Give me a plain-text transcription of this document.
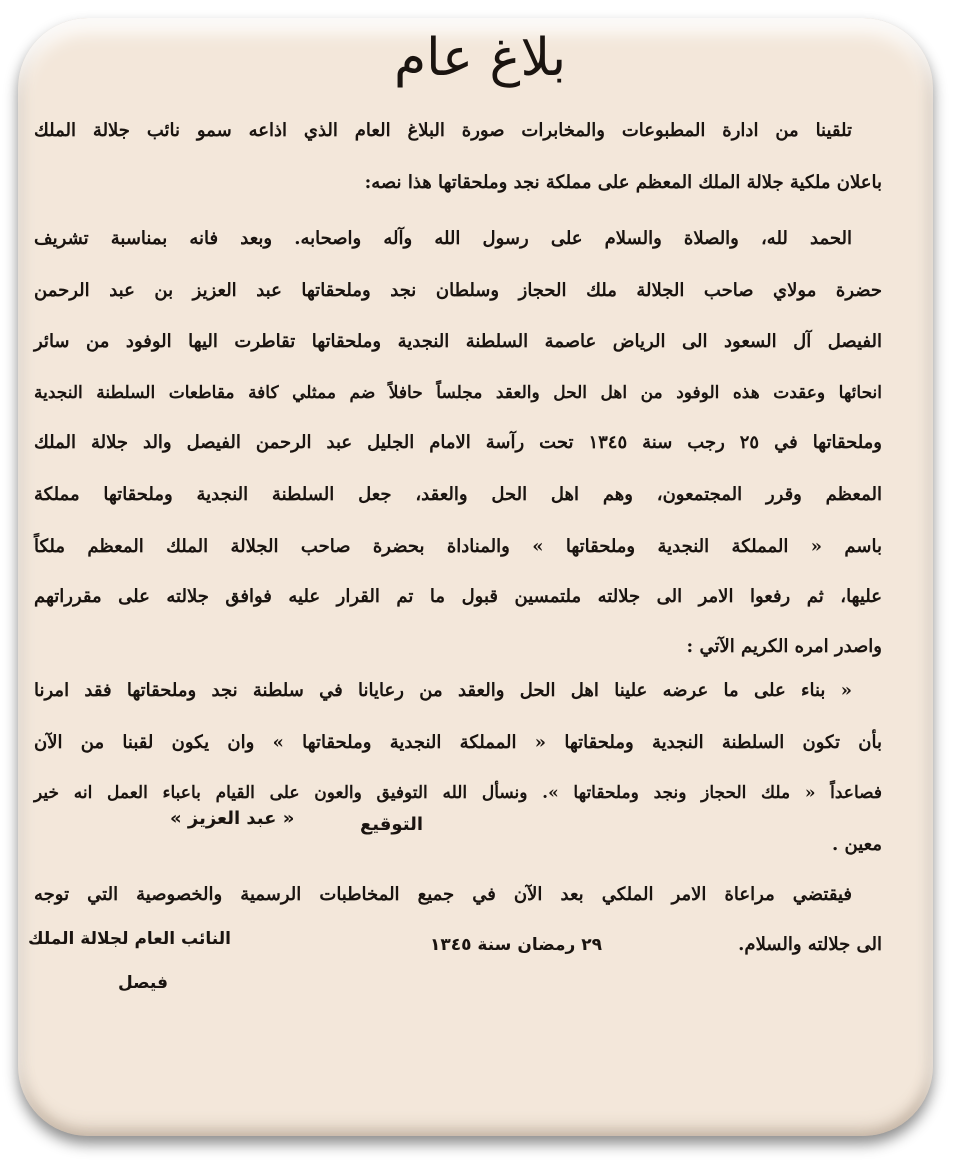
بلاغ عام
تلقينا من ادارة المطبوعات والمخابرات صورة البلاغ العام الذي اذاعه سمو نائب جلالة الملك
باعلان ملكية جلالة الملك المعظم على مملكة نجد وملحقاتها هذا نصه:
الحمد لله، والصلاة والسلام على رسول الله وآله واصحابه. وبعد فانه بمناسبة تشريف
حضرة مولاي صاحب الجلالة ملك الحجاز وسلطان نجد وملحقاتها عبد العزيز بن عبد الرحمن
الفيصل آل السعود الى الرياض عاصمة السلطنة النجدية وملحقاتها تقاطرت اليها الوفود من سائر
انحائها وعقدت هذه الوفود من اهل الحل والعقد مجلساً حافلاً ضم ممثلي كافة مقاطعات السلطنة النجدية
وملحقاتها في ٢٥ رجب سنة ١٣٤٥ تحت رآسة الامام الجليل عبد الرحمن الفيصل والد جلالة الملك
المعظم وقرر المجتمعون، وهم اهل الحل والعقد، جعل السلطنة النجدية وملحقاتها مملكة
باسم « المملكة النجدية وملحقاتها » والمناداة بحضرة صاحب الجلالة الملك المعظم ملكاً
عليها، ثم رفعوا الامر الى جلالته ملتمسين قبول ما تم القرار عليه فوافق جلالته على مقرراتهم
واصدر امره الكريم الآتي :
« بناء على ما عرضه علينا اهل الحل والعقد من رعايانا في سلطنة نجد وملحقاتها فقد امرنا
بأن تكون السلطنة النجدية وملحقاتها « المملكة النجدية وملحقاتها » وان يكون لقبنا من الآن
فصاعداً « ملك الحجاز ونجد وملحقاتها ». ونسأل الله التوفيق والعون على القيام باعباء العمل انه خير
معين .
التوقيع
« عبد العزيز »
فيقتضي مراعاة الامر الملكي بعد الآن في جميع المخاطبات الرسمية والخصوصية التي توجه
الى جلالته والسلام.
٢٩ رمضان سنة ١٣٤٥
النائب العام لجلالة الملك
فيصل
